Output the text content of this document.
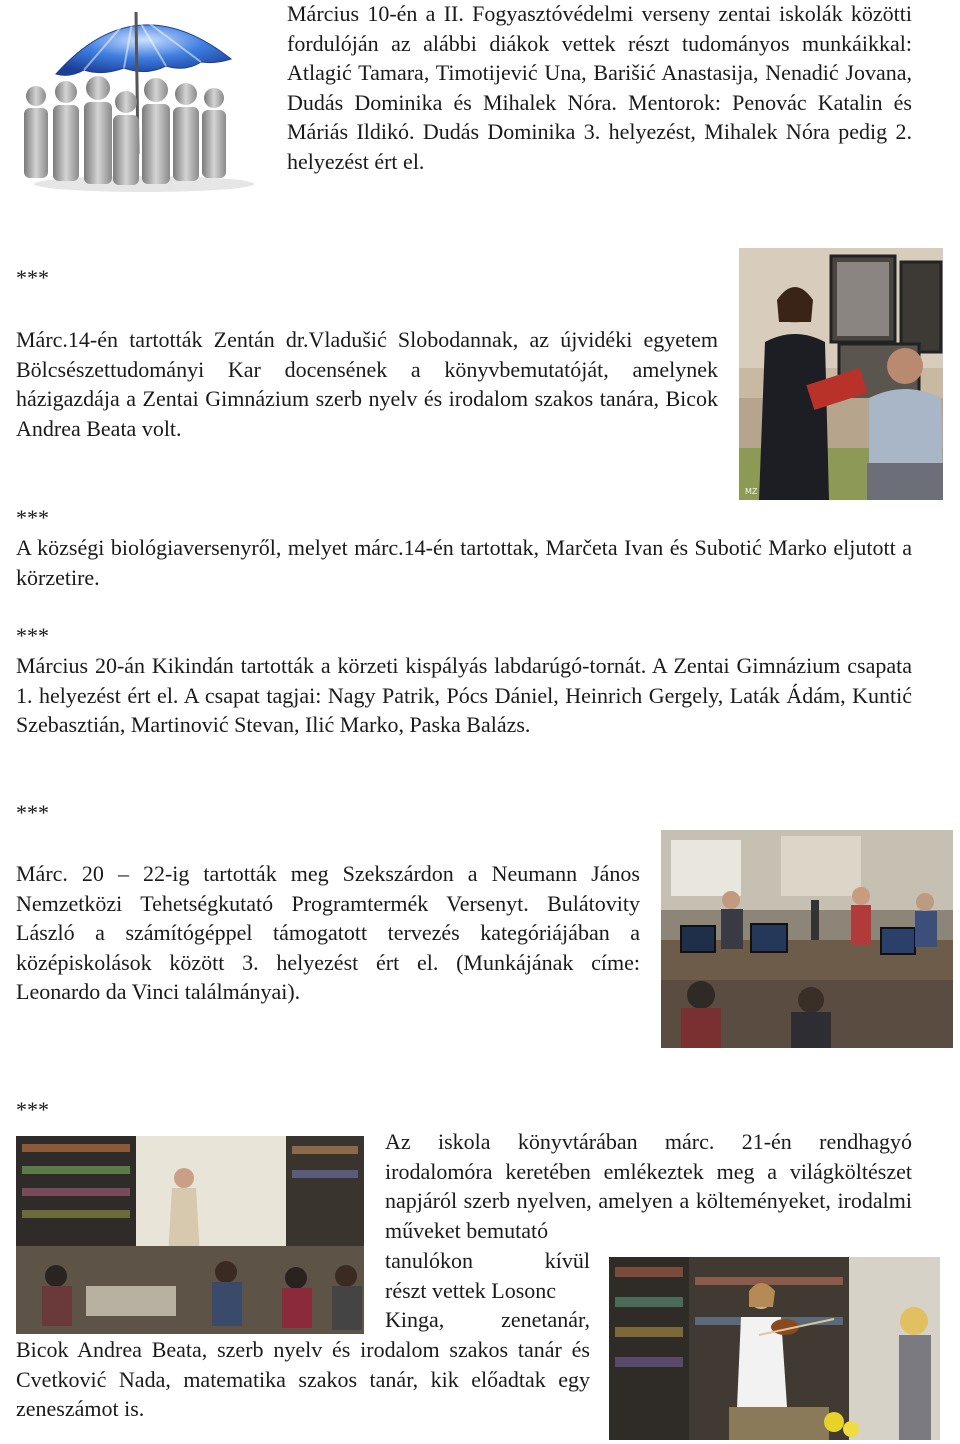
Március 10-én a II. Fogyasztóvédelmi verseny zentai iskolák közötti fordulóján az alábbi diákok vettek részt tudományos munkáikkal: Atlagić Tamara, Timotijević Una, Barišić Anastasija, Nenadić Jovana, Dudás Dominika és Mihalek Nóra. Mentorok: Penovác Katalin és Máriás Ildikó. Dudás Dominika 3. helyezést, Mihalek Nóra pedig 2. helyezést ért el.
***
Márc.14-én tartották Zentán dr.Vladušić Slobodannak, az újvidéki egyetem Bölcsészettudományi Kar docensének a könyvbemutatóját, amelynek házigazdája a Zentai Gimnázium szerb nyelv és irodalom szakos tanára, Bicok Andrea Beata volt.
MZ
***
A községi biológiaversenyről, melyet márc.14-én tartottak, Marčeta Ivan és Subotić Marko eljutott a körzetire.
***
Március 20-án Kikindán tartották a körzeti kispályás labdarúgó-tornát. A Zentai Gimnázium csapata 1. helyezést ért el. A csapat tagjai: Nagy Patrik, Pócs Dániel, Heinrich Gergely, Laták Ádám, Kuntić Szebasztián, Martinović Stevan, Ilić Marko, Paska Balázs.
***
Márc. 20 – 22-ig tartották meg Szekszárdon a Neumann János Nemzetközi Tehetségkutató Programtermék Versenyt. Bulátovity László a számítógéppel támogatott tervezés kategóriájában a középiskolások között 3. helyezést ért el. (Munkájának címe: Leonardo da Vinci találmányai).
***
Az iskola könyvtárában márc. 21-én rendhagyó irodalomóra keretében emlékeztek meg a világköltészet napjáról szerb nyelven, amelyen a költeményeket, irodalmi műveket bemutató
tanulókon kívül
részt vettek Losonc
Kinga, zenetanár,
Bicok Andrea Beata, szerb nyelv és irodalom szakos tanár és Cvetković Nada, matematika szakos tanár, kik előadtak egy zeneszámot is.
